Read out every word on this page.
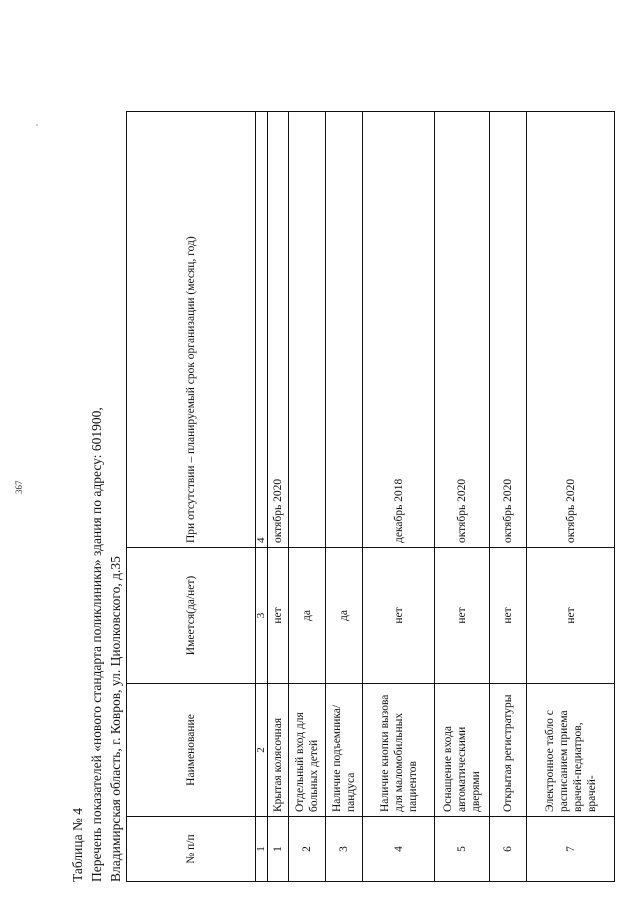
367
Таблица № 4 Перечень показателей «нового стандарта поликлиники» здания по адресу: 601900, Владимирская область, г. Ковров, ул. Циолковского, д.35	№ п/п	Наименование	Имеется(да/нет)	При отсутствии – планируемый срок организации (месяц, год)
1	2	3	4
1	Крытая колясочная	нет	октябрь 2020
2	Отдельный вход для больных детей	да	
3	Наличие подъемника/пандуса	да	
4	Наличие кнопки вызова для маломобильных пациентов	нет	декабрь 2018
5	Оснащение входа автоматическими дверями	нет	октябрь 2020
6	Открытая регистратуры	нет	октябрь 2020
7	Электронное табло с расписанием приема врачей-педиатров, врачей-	нет	октябрь 2020
